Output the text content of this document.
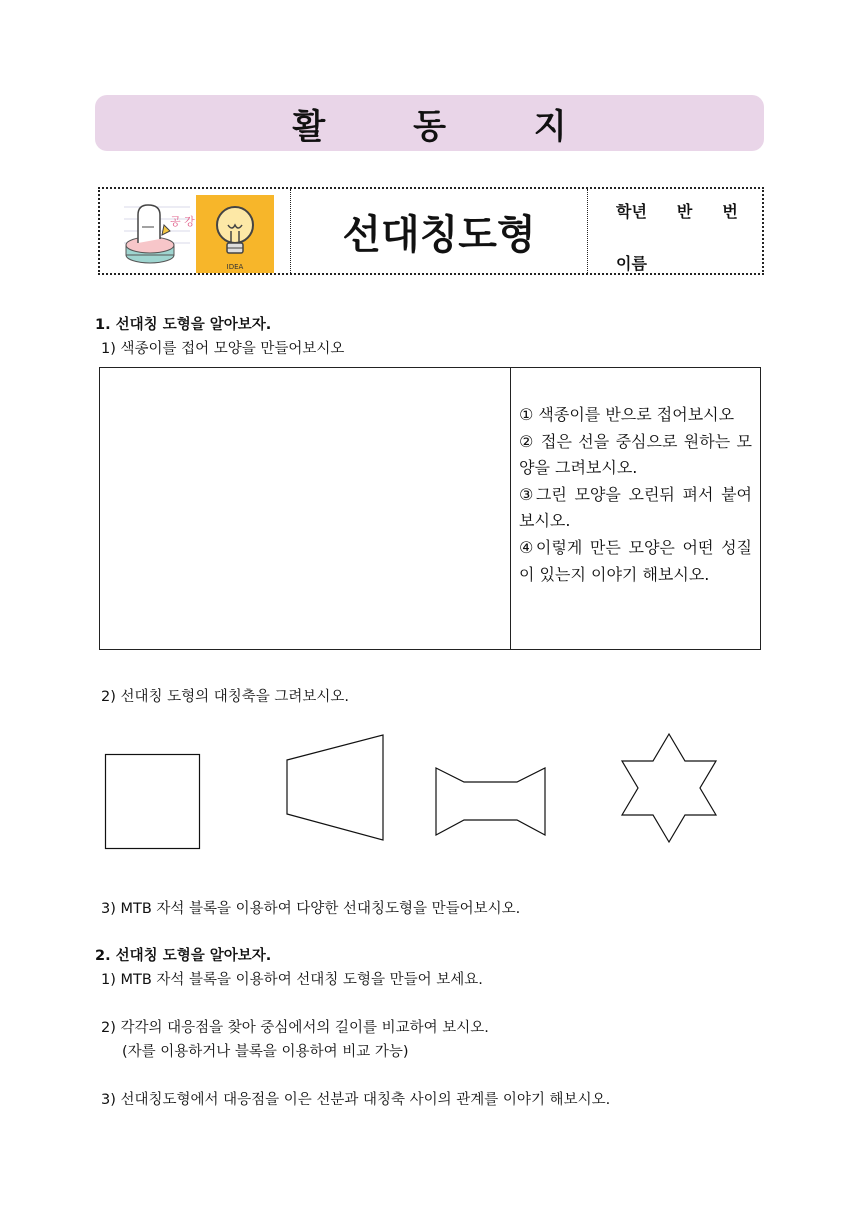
활 동 지
공 강
IDEA
선대칭도형	학년 반 번
이름
1. 선대칭 도형을 알아보자.
1) 색종이를 접어 모양을 만들어보시오

① 색종이를 반으로 접어보시오

② 접은 선을 중심으로 원하는 모양을 그려보시오.

③그린 모양을 오린뒤 펴서 붙여보시오.

④이렇게 만든 모양은 어떤 성질이 있는지 이야기 해보시오.

2) 선대칭 도형의 대칭축을 그려보시오.
3) MTB 자석 블록을 이용하여 다양한 선대칭도형을 만들어보시오.
2. 선대칭 도형을 알아보자.
1) MTB 자석 블록을 이용하여 선대칭 도형을 만들어 보세요.
2) 각각의 대응점을 찾아 중심에서의 길이를 비교하여 보시오.
(자를 이용하거나 블록을 이용하여 비교 가능)
3) 선대칭도형에서 대응점을 이은 선분과 대칭축 사이의 관계를 이야기 해보시오.
